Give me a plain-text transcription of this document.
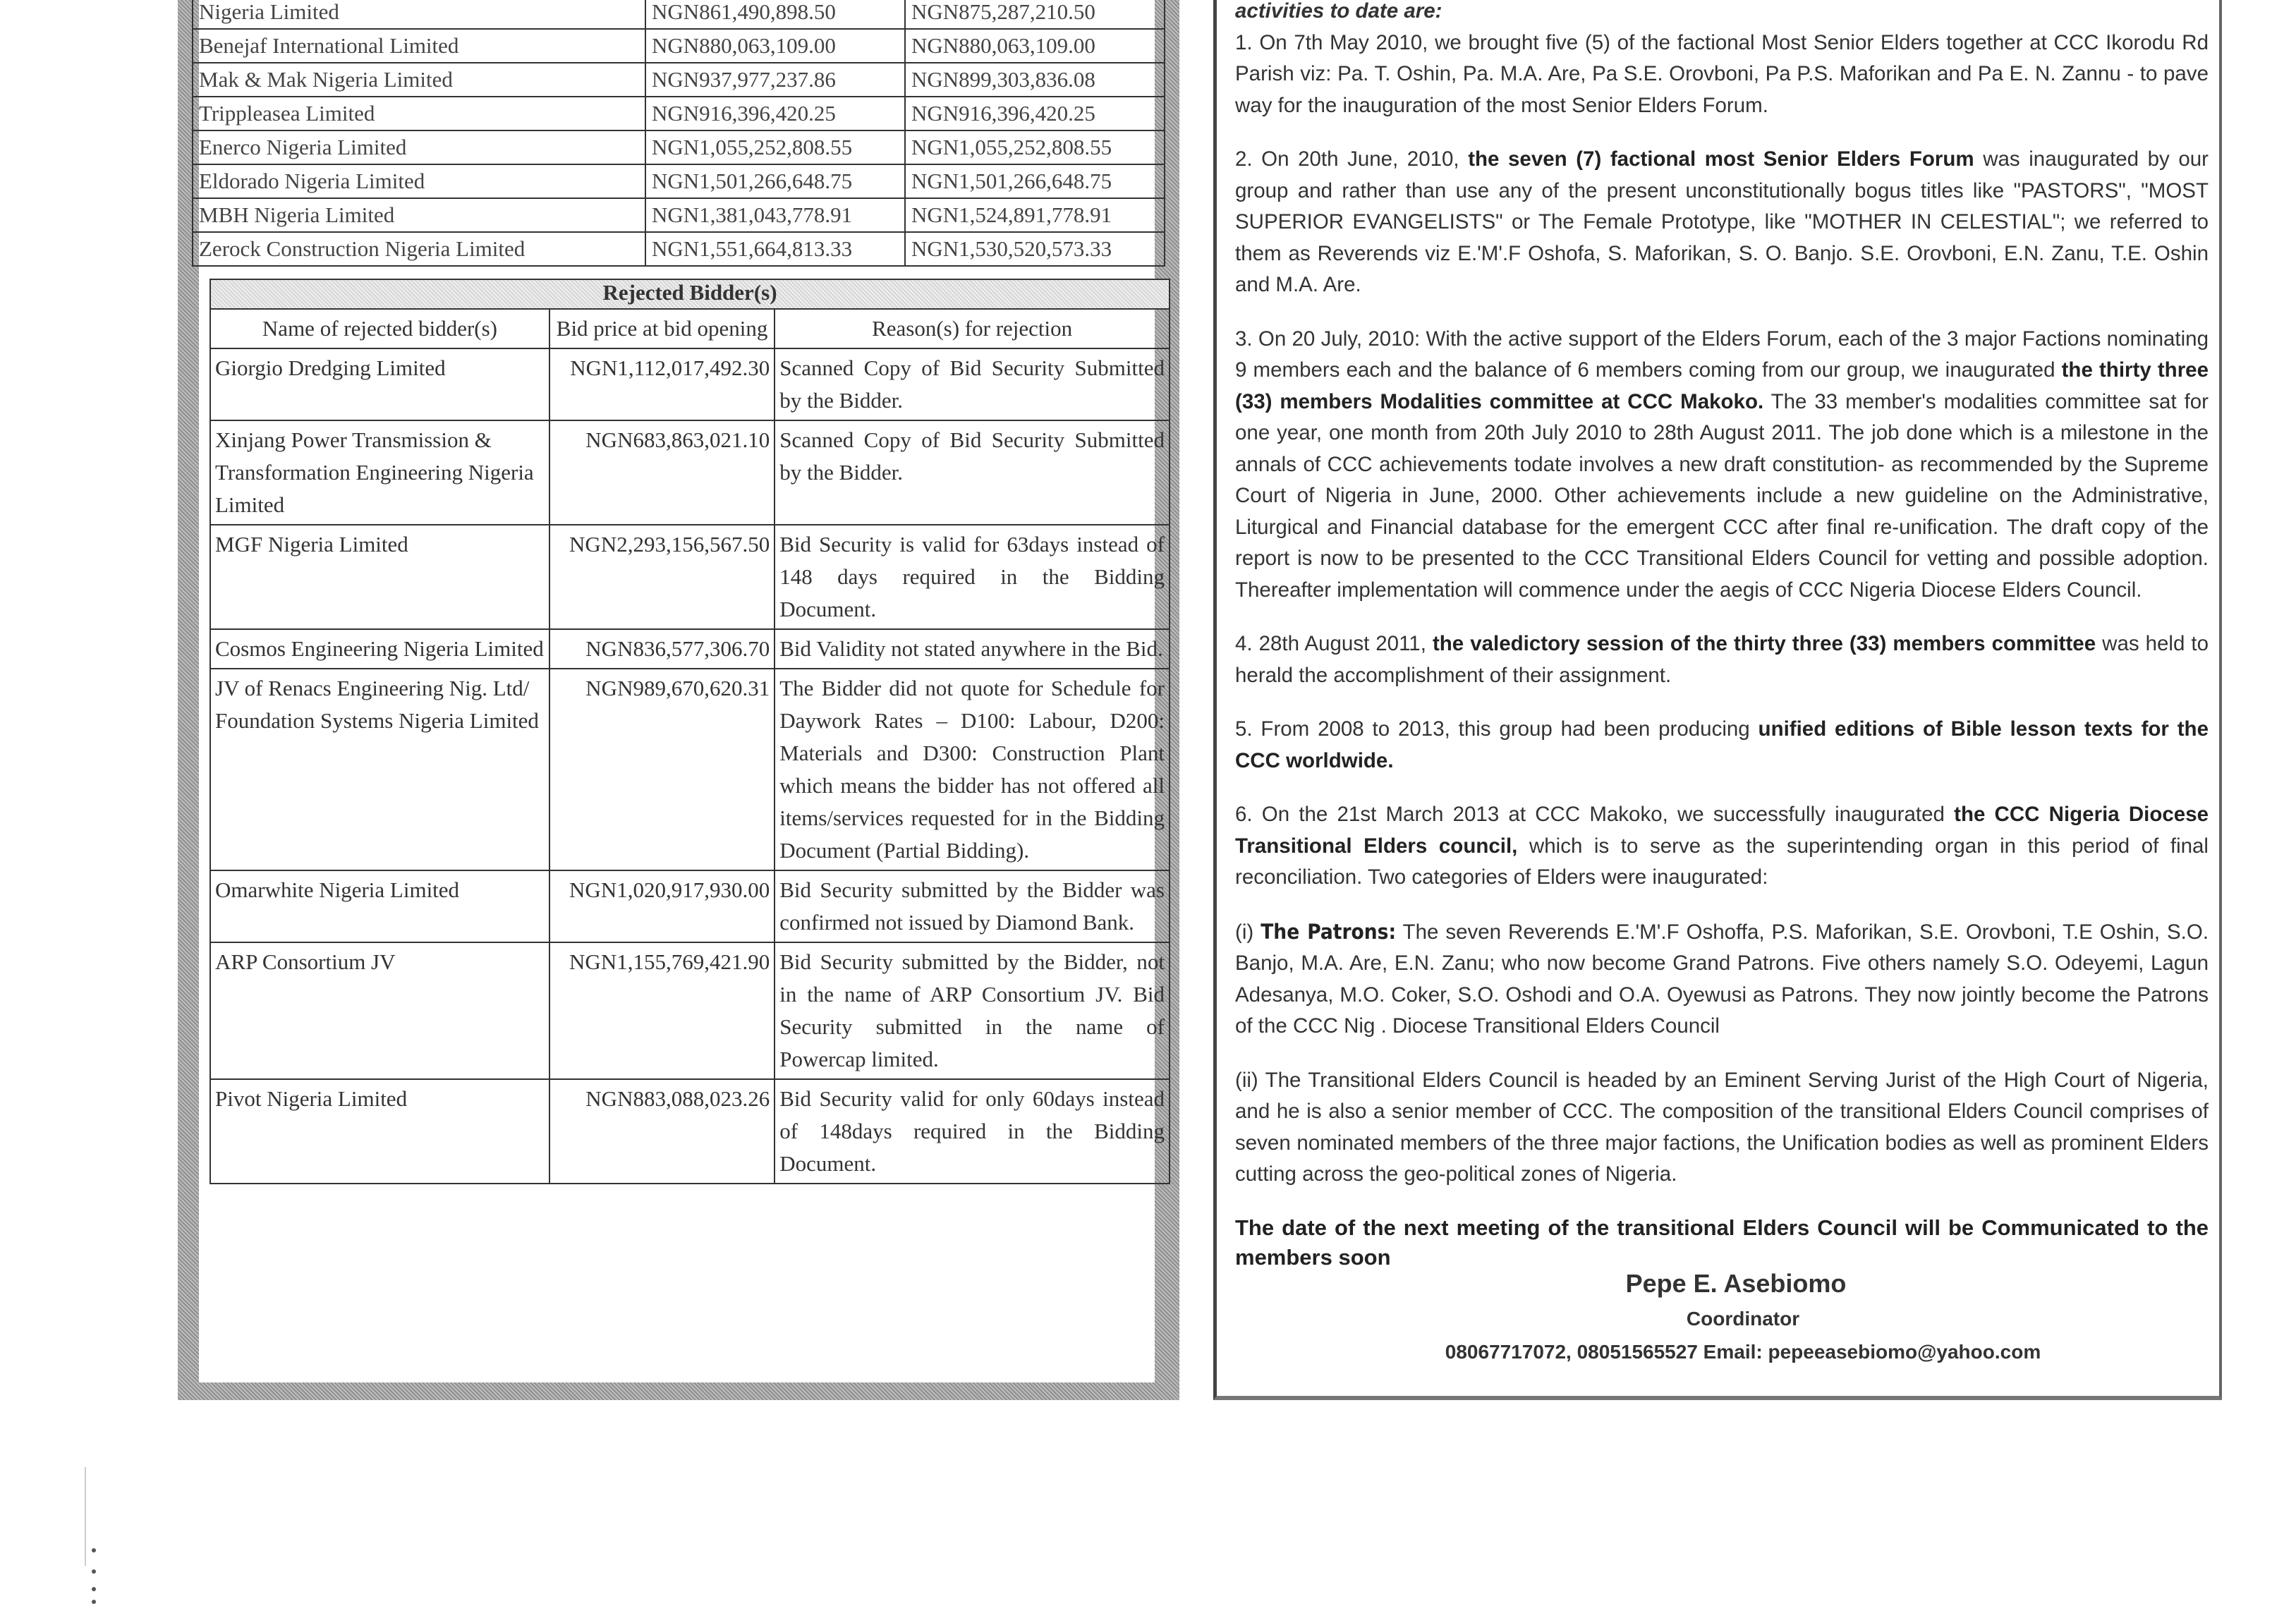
Nigeria Limited	NGN861,490,898.50	NGN875,287,210.50
Benejaf International Limited	NGN880,063,109.00	NGN880,063,109.00
Mak & Mak Nigeria Limited	NGN937,977,237.86	NGN899,303,836.08
Trippleasea Limited	NGN916,396,420.25	NGN916,396,420.25
Enerco Nigeria Limited	NGN1,055,252,808.55	NGN1,055,252,808.55
Eldorado Nigeria Limited	NGN1,501,266,648.75	NGN1,501,266,648.75
MBH Nigeria Limited	NGN1,381,043,778.91	NGN1,524,891,778.91
Zerock Construction Nigeria Limited	NGN1,551,664,813.33	NGN1,530,520,573.33
Rejected Bidder(s)		
Name of rejected bidder(s)	Bid price at bid opening	Reason(s) for rejection
Giorgio Dredging Limited	NGN1,112,017,492.30	Scanned Copy of Bid Security Submitted by the Bidder.
Xinjang Power Transmission & Transformation Engineering Nigeria Limited	NGN683,863,021.10	Scanned Copy of Bid Security Submitted by the Bidder.
MGF Nigeria Limited	NGN2,293,156,567.50	Bid Security is valid for 63days instead of 148 days required in the Bidding Document.
Cosmos Engineering Nigeria Limited	NGN836,577,306.70	Bid Validity not stated anywhere in the Bid.
JV of Renacs Engineering Nig. Ltd/ Foundation Systems Nigeria Limited	NGN989,670,620.31	The Bidder did not quote for Schedule for Daywork Rates – D100: Labour, D200: Materials and D300: Construction Plant which means the bidder has not offered all items/services requested for in the Bidding Document (Partial Bidding).
Omarwhite Nigeria Limited	NGN1,020,917,930.00	Bid Security submitted by the Bidder was confirmed not issued by Diamond Bank.
ARP Consortium JV	NGN1,155,769,421.90	Bid Security submitted by the Bidder, not in the name of ARP Consortium JV. Bid Security submitted in the name of Powercap limited.
Pivot Nigeria Limited	NGN883,088,023.26	Bid Security valid for only 60days instead of 148days required in the Bidding Document.

activities to date are:

1. On 7th May 2010, we brought five (5) of the factional Most Senior Elders together at CCC Ikorodu Rd Parish viz: Pa. T. Oshin, Pa. M.A. Are, Pa S.E. Orovboni, Pa P.S. Maforikan and Pa E. N. Zannu - to pave way for the inauguration of the most Senior Elders Forum.

2. On 20th June, 2010, the seven (7) factional most Senior Elders Forum was inaugurated by our group and rather than use any of the present unconstitutionally bogus titles like "PASTORS", "MOST SUPERIOR EVANGELISTS" or The Female Prototype, like "MOTHER IN CELESTIAL"; we referred to them as Reverends viz E.'M'.F Oshofa, S. Maforikan, S. O. Banjo. S.E. Orovboni, E.N. Zanu, T.E. Oshin and M.A. Are.

3. On 20 July, 2010: With the active support of the Elders Forum, each of the 3 major Factions nominating 9 members each and the balance of 6 members coming from our group, we inaugurated the thirty three (33) members Modalities committee at CCC Makoko. The 33 member's modalities committee sat for one year, one month from 20th July 2010 to 28th August 2011. The job done which is a milestone in the annals of CCC achievements todate involves a new draft constitution- as recommended by the Supreme Court of Nigeria in June, 2000. Other achievements include a new guideline on the Administrative, Liturgical and Financial database for the emergent CCC after final re-unification. The draft copy of the report is now to be presented to the CCC Transitional Elders Council for vetting and possible adoption. Thereafter implementation will commence under the aegis of CCC Nigeria Diocese Elders Council.

4. 28th August 2011, the valedictory session of the thirty three (33) members committee was held to herald the accomplishment of their assignment.

5. From 2008 to 2013, this group had been producing unified editions of Bible lesson texts for the CCC worldwide.

6. On the 21st March 2013 at CCC Makoko, we successfully inaugurated the CCC Nigeria Diocese Transitional Elders council, which is to serve as the superintending organ in this period of final reconciliation. Two categories of Elders were inaugurated:

(i) The Patrons: The seven Reverends E.'M'.F Oshoffa, P.S. Maforikan, S.E. Orovboni, T.E Oshin, S.O. Banjo, M.A. Are, E.N. Zanu; who now become Grand Patrons. Five others namely S.O. Odeyemi, Lagun Adesanya, M.O. Coker, S.O. Oshodi and O.A. Oyewusi as Patrons. They now jointly become the Patrons of the CCC Nig . Diocese Transitional Elders Council

(ii) The Transitional Elders Council is headed by an Eminent Serving Jurist of the High Court of Nigeria, and he is also a senior member of CCC. The composition of the transitional Elders Council comprises of seven nominated members of the three major factions, the Unification bodies as well as prominent Elders cutting across the geo-political zones of Nigeria.

The date of the next meeting of the transitional Elders Council will be Communicated to the members soon

Pepe E. Asebiomo
Coordinator
08067717072, 08051565527 Email: pepeeasebiomo@yahoo.com
